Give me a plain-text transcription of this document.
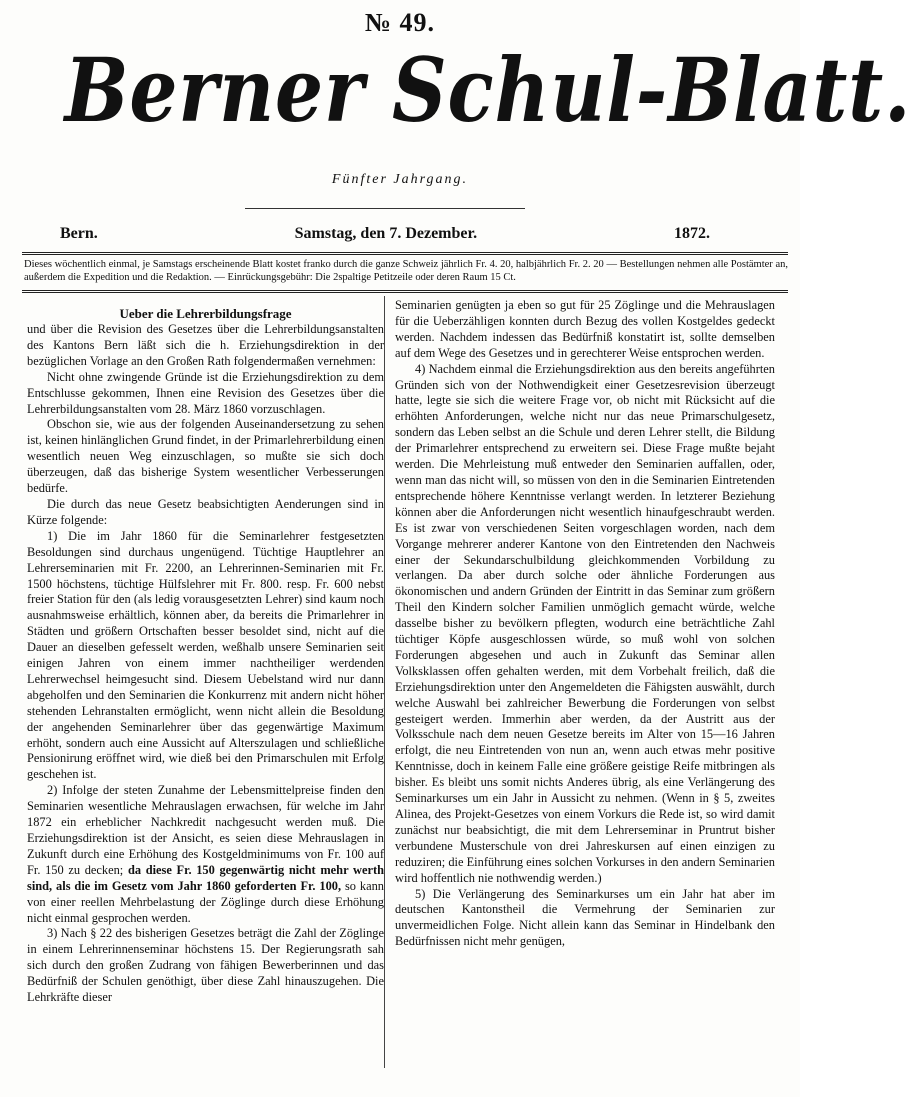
№ 49.
Berner Schul-Blatt.
Fünfter Jahrgang.
Bern.	Samstag, den 7. Dezember.	1872.
Dieses wöchentlich einmal, je Samstags erscheinende Blatt kostet franko durch die ganze Schweiz jährlich Fr. 4. 20, halbjährlich Fr. 2. 20 — Bestellungen nehmen alle Postämter an, außerdem die Expedition und die Redaktion. — Einrückungsgebühr: Die 2spaltige Petitzeile oder deren Raum 15 Ct.
Ueber die Lehrerbildungsfrage

und über die Revision des Gesetzes über die Lehrerbildungsanstalten des Kantons Bern läßt sich die h. Erziehungsdirektion in der bezüglichen Vorlage an den Großen Rath folgendermaßen vernehmen:

Nicht ohne zwingende Gründe ist die Erziehungsdirektion zu dem Entschlusse gekommen, Ihnen eine Revision des Gesetzes über die Lehrerbildungsanstalten vom 28. März 1860 vorzuschlagen.

Obschon sie, wie aus der folgenden Auseinandersetzung zu sehen ist, keinen hinlänglichen Grund findet, in der Primarlehrerbildung einen wesentlich neuen Weg einzuschlagen, so mußte sie sich doch überzeugen, daß das bisherige System wesentlicher Verbesserungen bedürfe.

Die durch das neue Gesetz beabsichtigten Aenderungen sind in Kürze folgende:

1) Die im Jahr 1860 für die Seminarlehrer festgesetzten Besoldungen sind durchaus ungenügend. Tüchtige Hauptlehrer an Lehrerseminarien mit Fr. 2200, an Lehrerinnen-Seminarien mit Fr. 1500 höchstens, tüchtige Hülfslehrer mit Fr. 800. resp. Fr. 600 nebst freier Station für den (als ledig vorausgesetzten Lehrer) sind kaum noch ausnahmsweise erhältlich, können aber, da bereits die Primarlehrer in Städten und größern Ortschaften besser besoldet sind, nicht auf die Dauer an dieselben gefesselt werden, weßhalb unsere Seminarien seit einigen Jahren von einem immer nachtheiliger werdenden Lehrerwechsel heimgesucht sind. Diesem Uebelstand wird nur dann abgeholfen und den Seminarien die Konkurrenz mit andern nicht höher stehenden Lehranstalten ermöglicht, wenn nicht allein die Besoldung der angehenden Seminarlehrer über das gegenwärtige Maximum erhöht, sondern auch eine Aussicht auf Alterszulagen und schließliche Pensionirung eröffnet wird, wie dieß bei den Primarschulen mit Erfolg geschehen ist.

2) Infolge der steten Zunahme der Lebensmittelpreise finden den Seminarien wesentliche Mehrauslagen erwachsen, für welche im Jahr 1872 ein erheblicher Nachkredit nachgesucht werden muß. Die Erziehungsdirektion ist der Ansicht, es seien diese Mehrauslagen in Zukunft durch eine Erhöhung des Kostgeldminimums von Fr. 100 auf Fr. 150 zu decken; da diese Fr. 150 gegenwärtig nicht mehr werth sind, als die im Gesetz vom Jahr 1860 geforderten Fr. 100, so kann von einer reellen Mehrbelastung der Zöglinge durch diese Erhöhung nicht einmal gesprochen werden.

3) Nach § 22 des bisherigen Gesetzes beträgt die Zahl der Zöglinge in einem Lehrerinnenseminar höchstens 15. Der Regierungsrath sah sich durch den großen Zudrang von fähigen Bewerberinnen und das Bedürfniß der Schulen genöthigt, über diese Zahl hinauszugehen. Die Lehrkräfte dieser

Seminarien genügten ja eben so gut für 25 Zöglinge und die Mehrauslagen für die Ueberzähligen konnten durch Bezug des vollen Kostgeldes gedeckt werden. Nachdem indessen das Bedürfniß konstatirt ist, sollte demselben auf dem Wege des Gesetzes und in gerechterer Weise entsprochen werden.

4) Nachdem einmal die Erziehungsdirektion aus den bereits angeführten Gründen sich von der Nothwendigkeit einer Gesetzesrevision überzeugt hatte, legte sie sich die weitere Frage vor, ob nicht mit Rücksicht auf die erhöhten Anforderungen, welche nicht nur das neue Primarschulgesetz, sondern das Leben selbst an die Schule und deren Lehrer stellt, die Bildung der Primarlehrer entsprechend zu erweitern sei. Diese Frage mußte bejaht werden. Die Mehrleistung muß entweder den Seminarien auffallen, oder, wenn man das nicht will, so müssen von den in die Seminarien Eintretenden entsprechende höhere Kenntnisse verlangt werden. In letzterer Beziehung können aber die Anforderungen nicht wesentlich hinaufgeschraubt werden. Es ist zwar von verschiedenen Seiten vorgeschlagen worden, nach dem Vorgange mehrerer anderer Kantone von den Eintretenden den Nachweis einer der Sekundarschulbildung gleichkommenden Vorbildung zu verlangen. Da aber durch solche oder ähnliche Forderungen aus ökonomischen und andern Gründen der Eintritt in das Seminar zum größern Theil den Kindern solcher Familien unmöglich gemacht würde, welche dasselbe bisher zu bevölkern pflegten, wodurch eine beträchtliche Zahl tüchtiger Köpfe ausgeschlossen würde, so muß wohl von solchen Forderungen abgesehen und auch in Zukunft das Seminar allen Volksklassen offen gehalten werden, mit dem Vorbehalt freilich, daß die Erziehungsdirektion unter den Angemeldeten die Fähigsten auswählt, durch welche Auswahl bei zahlreicher Bewerbung die Forderungen von selbst gesteigert werden. Immerhin aber werden, da der Austritt aus der Volksschule nach dem neuen Gesetze bereits im Alter von 15—16 Jahren erfolgt, die neu Eintretenden von nun an, wenn auch etwas mehr positive Kenntnisse, doch in keinem Falle eine größere geistige Reife mitbringen als bisher. Es bleibt uns somit nichts Anderes übrig, als eine Verlängerung des Seminarkurses um ein Jahr in Aussicht zu nehmen. (Wenn in § 5, zweites Alinea, des Projekt-Gesetzes von einem Vorkurs die Rede ist, so wird damit zunächst nur beabsichtigt, die mit dem Lehrerseminar in Pruntrut bisher verbundene Musterschule von drei Jahreskursen auf einen einzigen zu reduziren; die Einführung eines solchen Vorkurses in den andern Seminarien wird hoffentlich nie nothwendig werden.)

5) Die Verlängerung des Seminarkurses um ein Jahr hat aber im deutschen Kantonstheil die Vermehrung der Seminarien zur unvermeidlichen Folge. Nicht allein kann das Seminar in Hindelbank den Bedürfnissen nicht mehr genügen,
